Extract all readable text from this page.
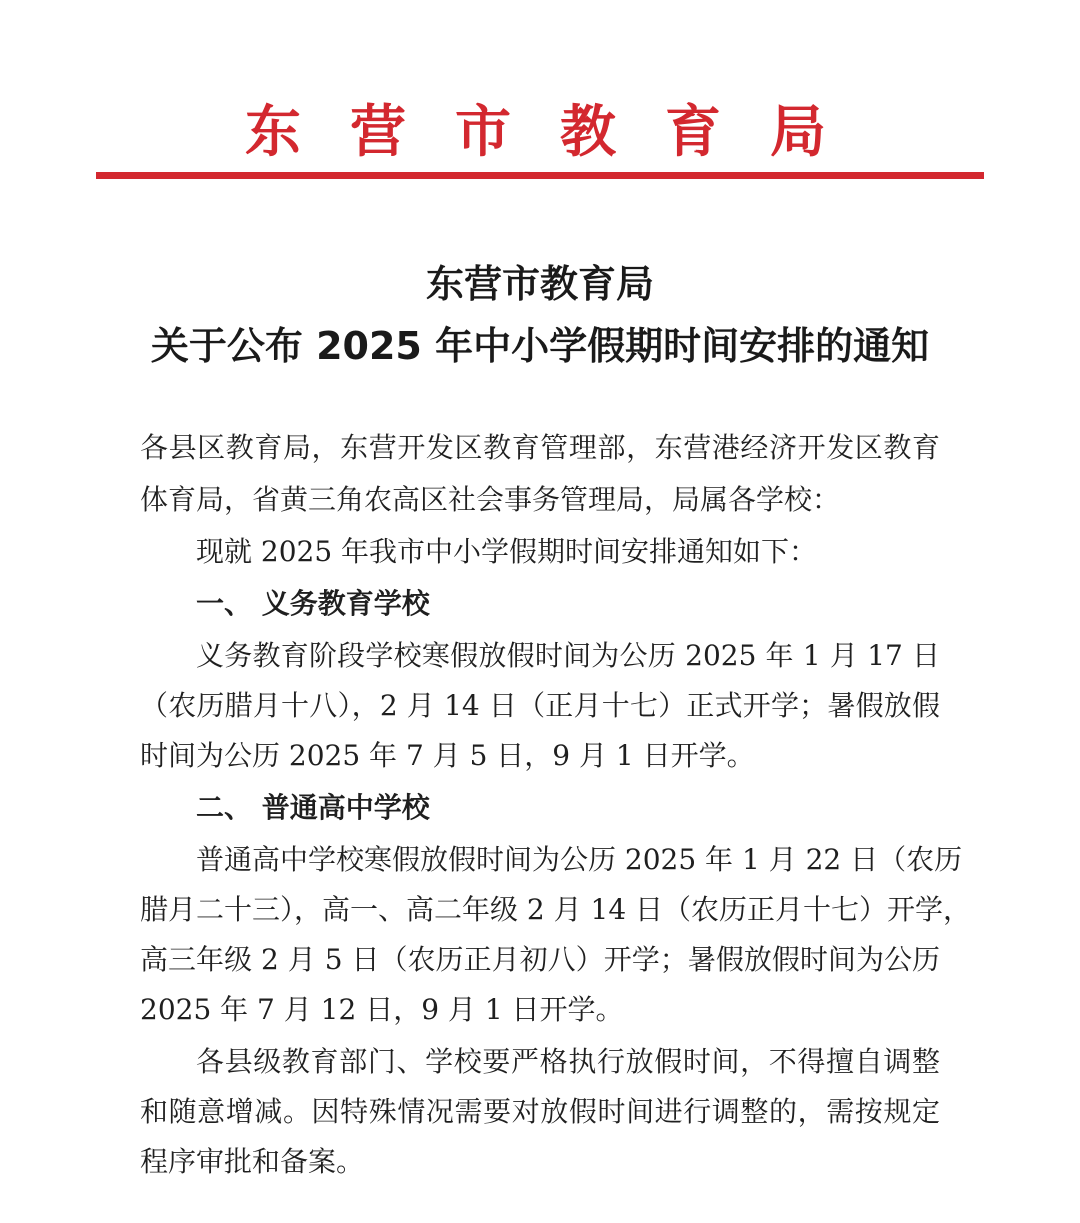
东营市教育局
东营市教育局
关于公布 2025 年中小学假期时间安排的通知
各县区教育局，东营开发区教育管理部，东营港经济开发区教育
体育局，省黄三角农高区社会事务管理局，局属各学校：
现就 2025 年我市中小学假期时间安排通知如下：
一、 义务教育学校
义务教育阶段学校寒假放假时间为公历 2025 年 1 月 17 日
（农历腊月十八），2 月 14 日（正月十七）正式开学；暑假放假
时间为公历 2025 年 7 月 5 日，9 月 1 日开学。
二、 普通高中学校
普通高中学校寒假放假时间为公历 2025 年 1 月 22 日（农历
腊月二十三），高一、高二年级 2 月 14 日（农历正月十七）开学，
高三年级 2 月 5 日（农历正月初八）开学；暑假放假时间为公历
2025 年 7 月 12 日，9 月 1 日开学。
各县级教育部门、学校要严格执行放假时间，不得擅自调整
和随意增减。因特殊情况需要对放假时间进行调整的，需按规定
程序审批和备案。
